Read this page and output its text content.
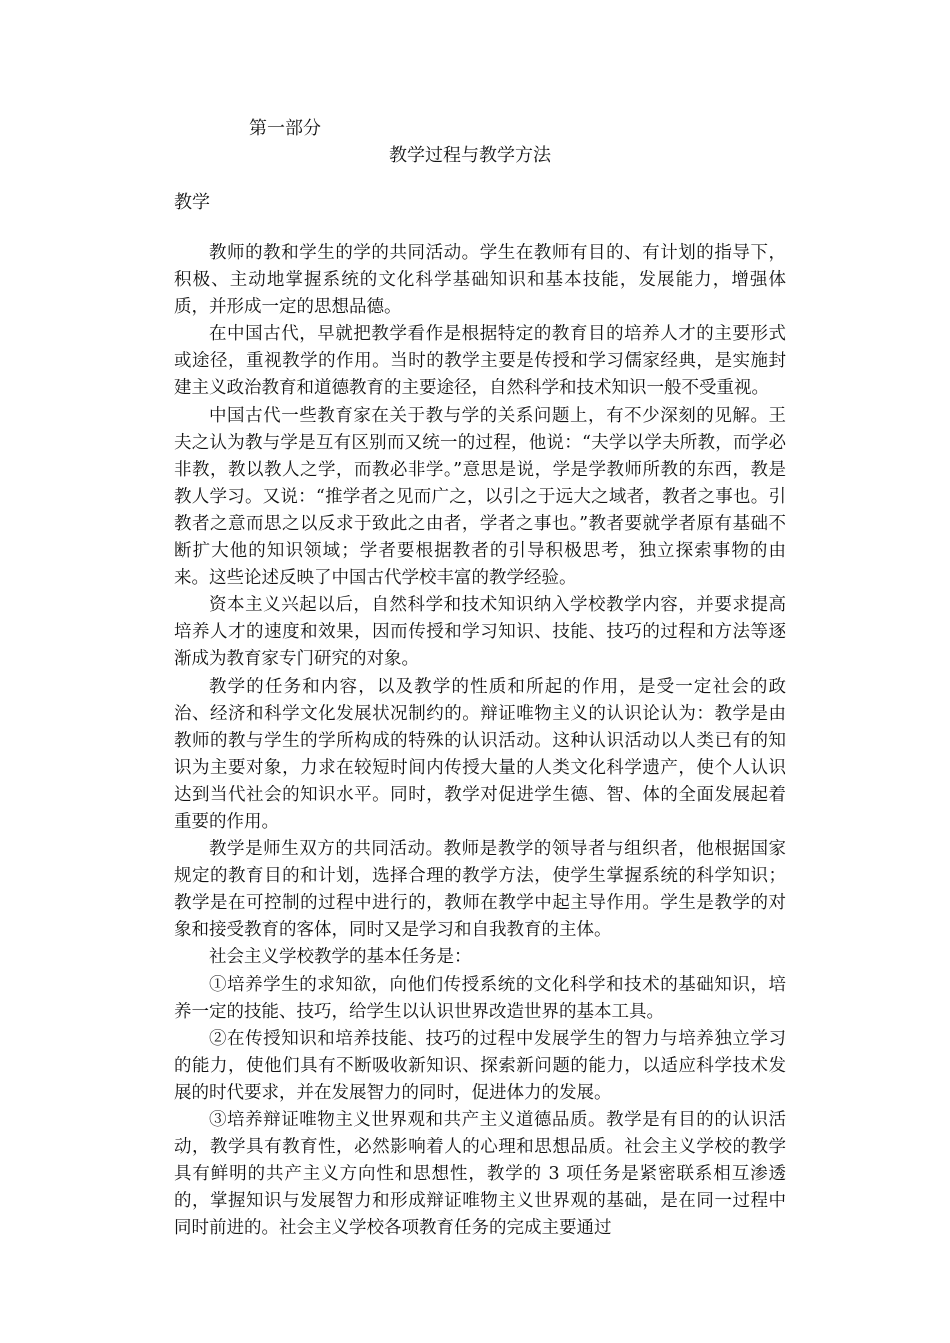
第一部分
教学过程与教学方法
教学

教师的教和学生的学的共同活动。学生在教师有目的、有计划的指导下，积极、主动地掌握系统的文化科学基础知识和基本技能，发展能力，增强体质，并形成一定的思想品德。

在中国古代，早就把教学看作是根据特定的教育目的培养人才的主要形式或途径，重视教学的作用。当时的教学主要是传授和学习儒家经典，是实施封建主义政治教育和道德教育的主要途径，自然科学和技术知识一般不受重视。

中国古代一些教育家在关于教与学的关系问题上，有不少深刻的见解。王夫之认为教与学是互有区别而又统一的过程，他说：“夫学以学夫所教，而学必非教，教以教人之学，而教必非学。”意思是说，学是学教师所教的东西，教是教人学习。又说：“推学者之见而广之，以引之于远大之域者，教者之事也。引教者之意而思之以反求于致此之由者，学者之事也。”教者要就学者原有基础不断扩大他的知识领域；学者要根据教者的引导积极思考，独立探索事物的由来。这些论述反映了中国古代学校丰富的教学经验。

资本主义兴起以后，自然科学和技术知识纳入学校教学内容，并要求提高培养人才的速度和效果，因而传授和学习知识、技能、技巧的过程和方法等逐渐成为教育家专门研究的对象。

教学的任务和内容，以及教学的性质和所起的作用，是受一定社会的政治、经济和科学文化发展状况制约的。辩证唯物主义的认识论认为：教学是由教师的教与学生的学所构成的特殊的认识活动。这种认识活动以人类已有的知识为主要对象，力求在较短时间内传授大量的人类文化科学遗产，使个人认识达到当代社会的知识水平。同时，教学对促进学生德、智、体的全面发展起着重要的作用。

教学是师生双方的共同活动。教师是教学的领导者与组织者，他根据国家规定的教育目的和计划，选择合理的教学方法，使学生掌握系统的科学知识；教学是在可控制的过程中进行的，教师在教学中起主导作用。学生是教学的对象和接受教育的客体，同时又是学习和自我教育的主体。

社会主义学校教学的基本任务是：

①培养学生的求知欲，向他们传授系统的文化科学和技术的基础知识，培养一定的技能、技巧，给学生以认识世界改造世界的基本工具。

②在传授知识和培养技能、技巧的过程中发展学生的智力与培养独立学习的能力，使他们具有不断吸收新知识、探索新问题的能力，以适应科学技术发展的时代要求，并在发展智力的同时，促进体力的发展。

③培养辩证唯物主义世界观和共产主义道德品质。教学是有目的的认识活动，教学具有教育性，必然影响着人的心理和思想品质。社会主义学校的教学具有鲜明的共产主义方向性和思想性，教学的 3 项任务是紧密联系相互渗透的，掌握知识与发展智力和形成辩证唯物主义世界观的基础，是在同一过程中同时前进的。社会主义学校各项教育任务的完成主要通过
